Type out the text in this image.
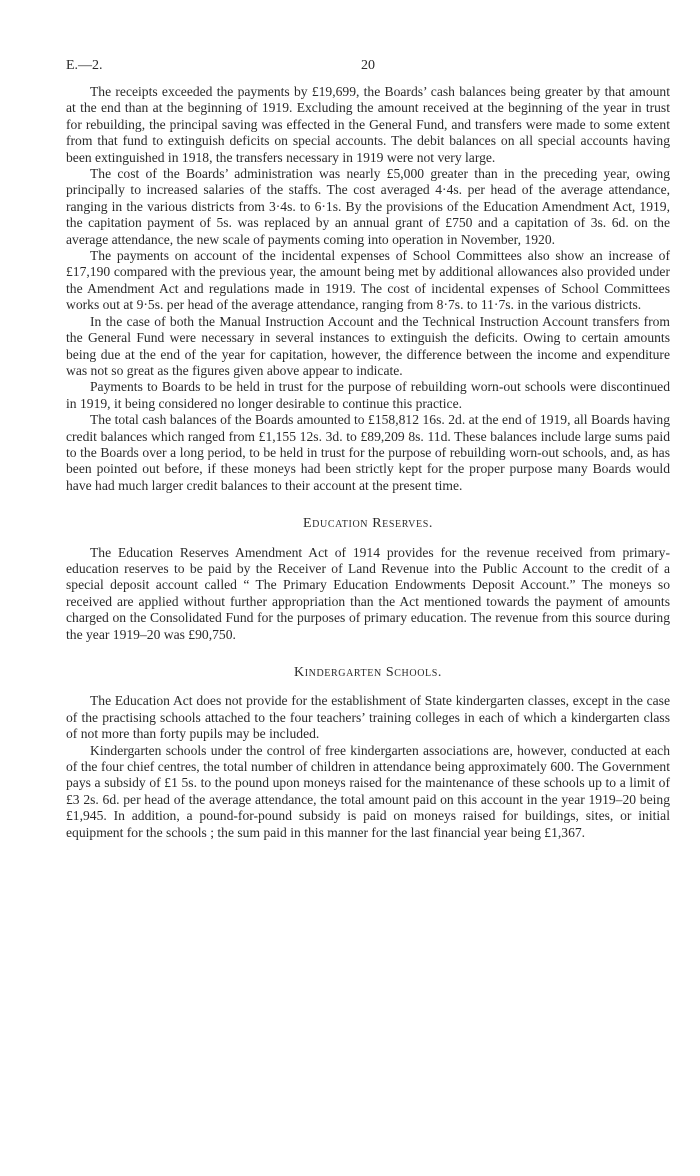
E.—2.	20

The receipts exceeded the payments by £19,699, the Boards’ cash balances being greater by that amount at the end than at the beginning of 1919. Excluding the amount received at the beginning of the year in trust for rebuilding, the principal saving was effected in the General Fund, and transfers were made to some extent from that fund to extinguish deficits on special accounts. The debit balances on all special accounts having been extinguished in 1918, the transfers necessary in 1919 were not very large.

The cost of the Boards’ administration was nearly £5,000 greater than in the preceding year, owing principally to increased salaries of the staffs. The cost averaged 4·4s. per head of the average attendance, ranging in the various districts from 3·4s. to 6·1s. By the provisions of the Education Amendment Act, 1919, the capitation payment of 5s. was replaced by an annual grant of £750 and a capitation of 3s. 6d. on the average attendance, the new scale of payments coming into operation in November, 1920.

The payments on account of the incidental expenses of School Committees also show an increase of £17,190 compared with the previous year, the amount being met by additional allowances also provided under the Amendment Act and regulations made in 1919. The cost of incidental expenses of School Committees works out at 9·5s. per head of the average attendance, ranging from 8·7s. to 11·7s. in the various districts.

In the case of both the Manual Instruction Account and the Technical Instruction Account transfers from the General Fund were necessary in several instances to extinguish the deficits. Owing to certain amounts being due at the end of the year for capitation, however, the difference between the income and expenditure was not so great as the figures given above appear to indicate.

Payments to Boards to be held in trust for the purpose of rebuilding worn-out schools were discontinued in 1919, it being considered no longer desirable to continue this practice.

The total cash balances of the Boards amounted to £158,812 16s. 2d. at the end of 1919, all Boards having credit balances which ranged from £1,155 12s. 3d. to £89,209 8s. 11d. These balances include large sums paid to the Boards over a long period, to be held in trust for the purpose of rebuilding worn-out schools, and, as has been pointed out before, if these moneys had been strictly kept for the proper purpose many Boards would have had much larger credit balances to their account at the present time.

Education Reserves.

The Education Reserves Amendment Act of 1914 provides for the revenue received from primary-education reserves to be paid by the Receiver of Land Revenue into the Public Account to the credit of a special deposit account called “ The Primary Education Endowments Deposit Account.” The moneys so received are applied without further appropriation than the Act mentioned towards the payment of amounts charged on the Consolidated Fund for the purposes of primary education. The revenue from this source during the year 1919–20 was £90,750.

Kindergarten Schools.

The Education Act does not provide for the establishment of State kindergarten classes, except in the case of the practising schools attached to the four teachers’ training colleges in each of which a kindergarten class of not more than forty pupils may be included.

Kindergarten schools under the control of free kindergarten associations are, however, conducted at each of the four chief centres, the total number of children in attendance being approximately 600. The Government pays a subsidy of £1 5s. to the pound upon moneys raised for the maintenance of these schools up to a limit of £3 2s. 6d. per head of the average attendance, the total amount paid on this account in the year 1919–20 being £1,945. In addition, a pound-for-pound subsidy is paid on moneys raised for buildings, sites, or initial equipment for the schools ; the sum paid in this manner for the last financial year being £1,367.
